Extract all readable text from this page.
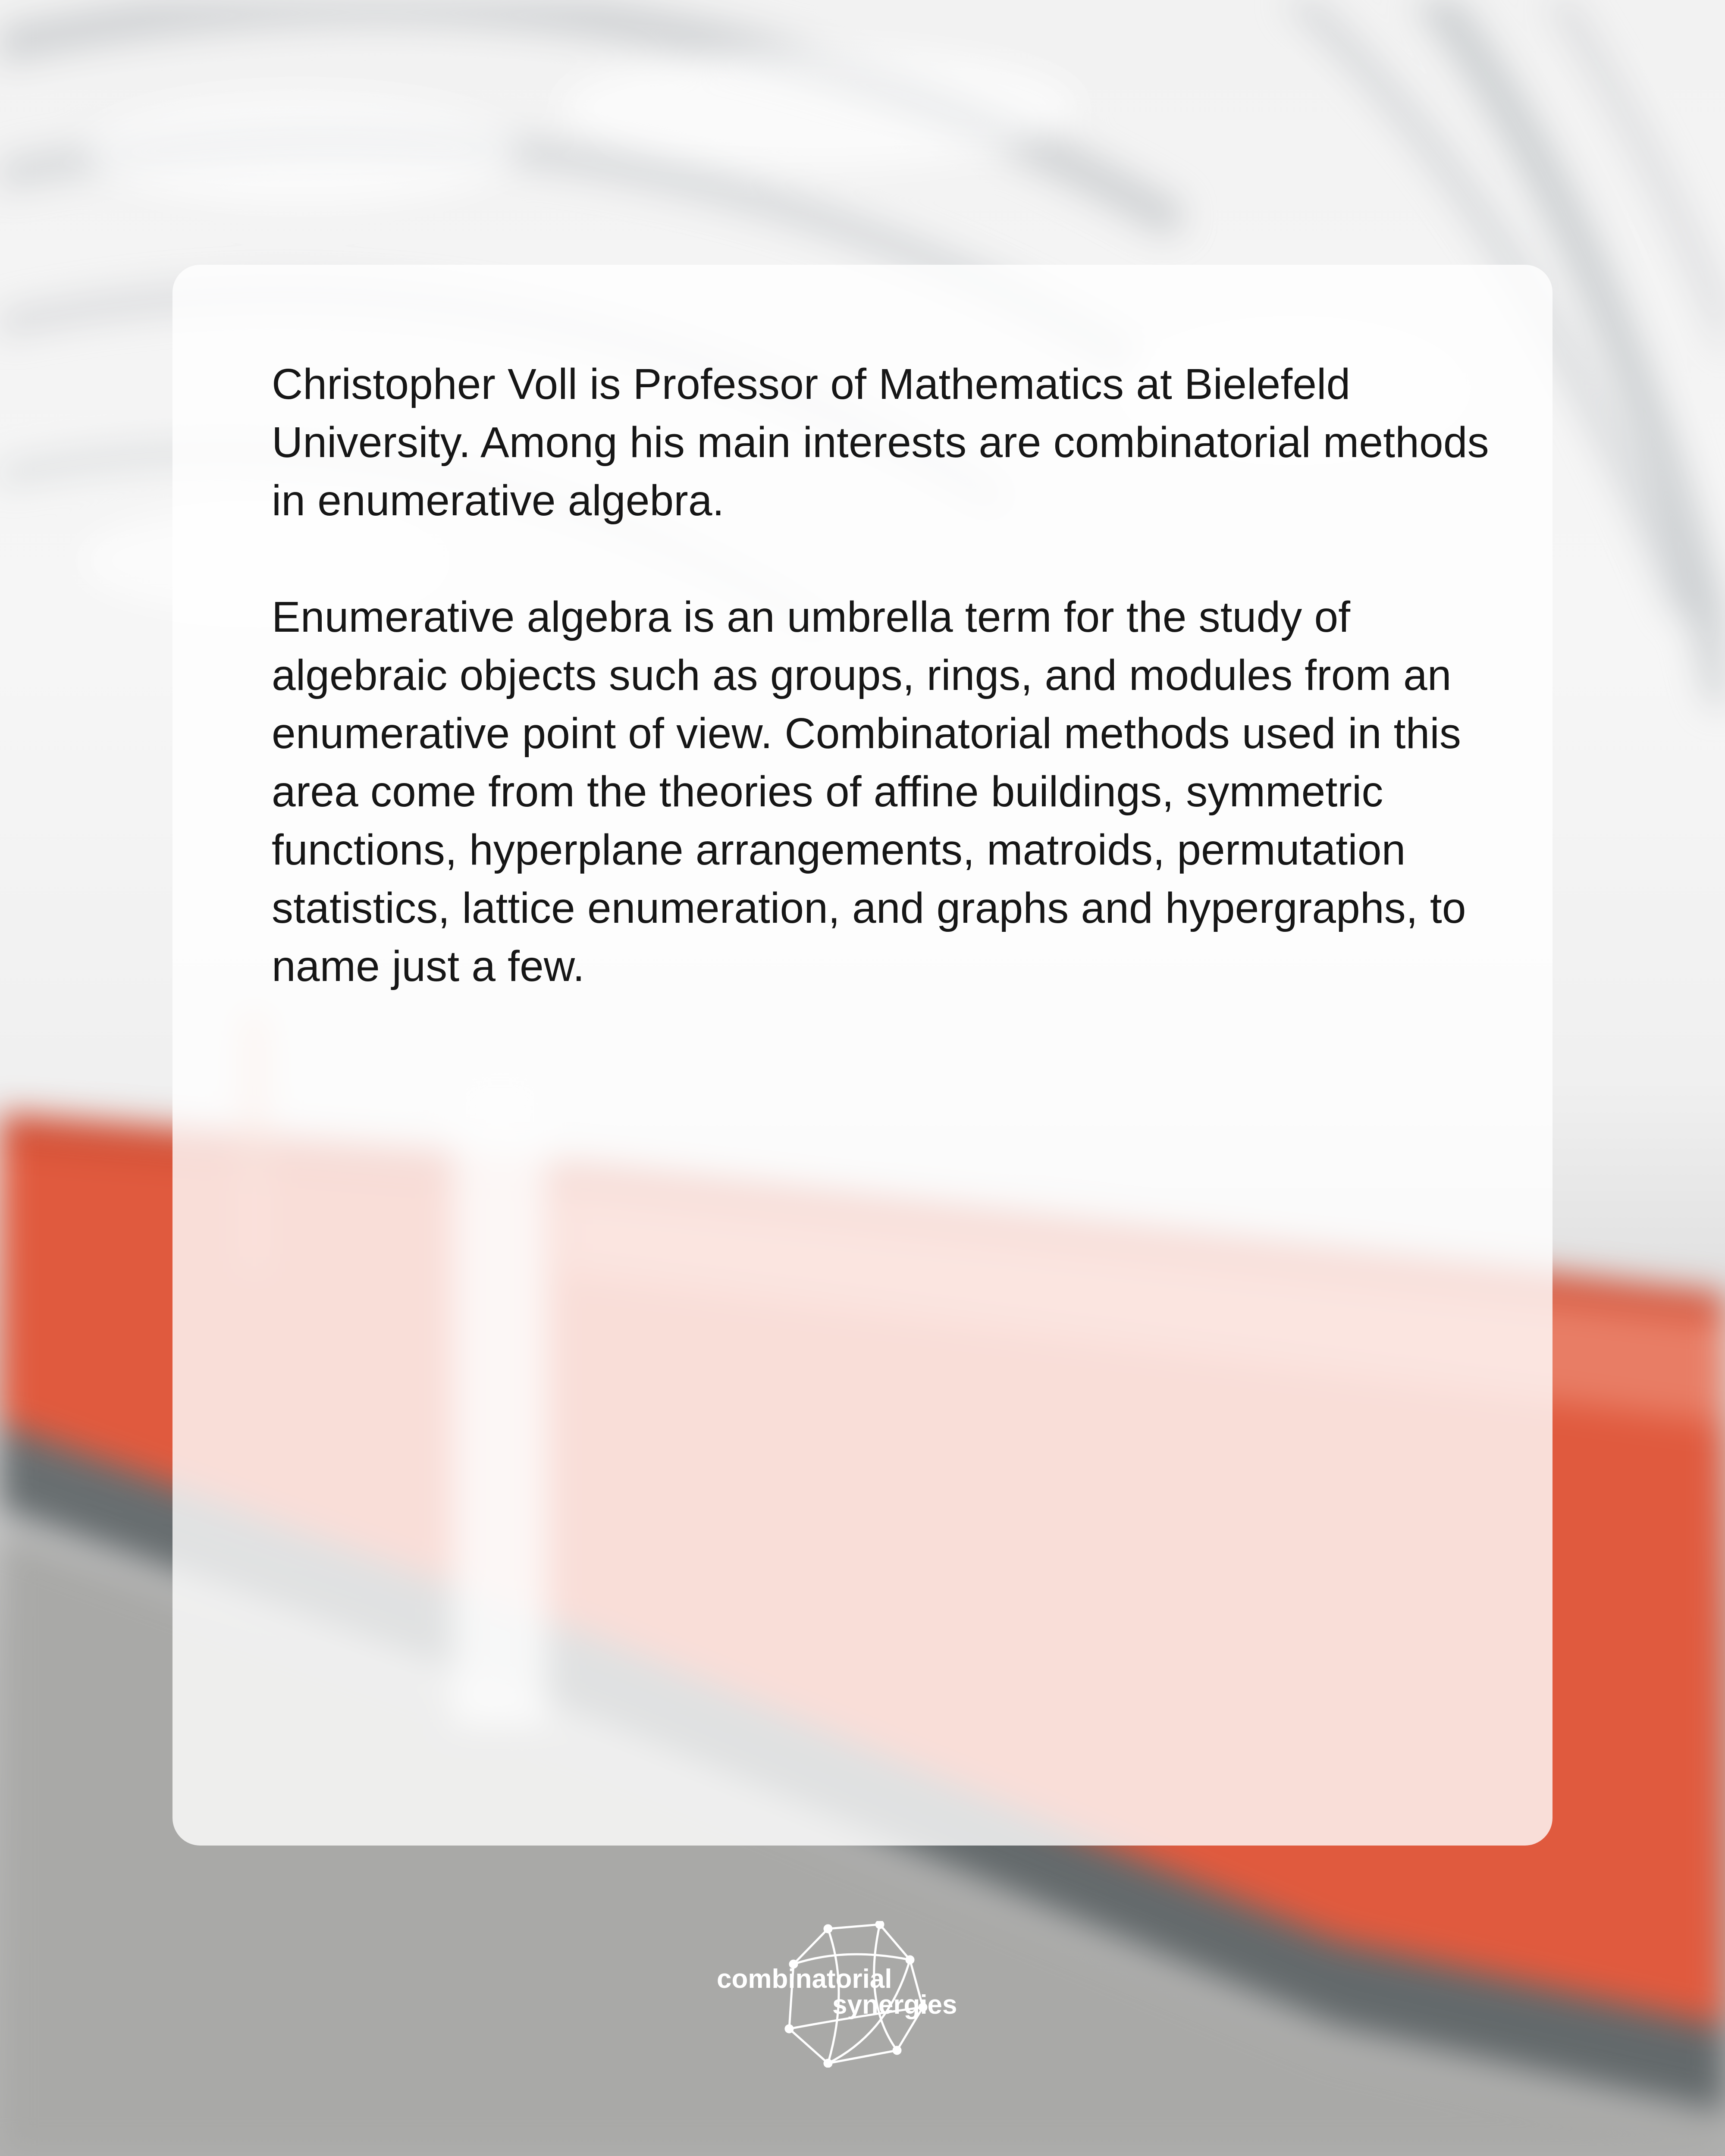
Christopher Voll is Professor of Mathematics at Bielefeld University. Among his main interests are combinatorial methods in enumerative algebra.

Enumerative algebra is an umbrella term for the study of algebraic objects such as groups, rings, and modules from an enumerative point of view. Combinatorial methods used in this area come from the theories of affine buildings, symmetric functions, hyperplane arrangements, matroids, permutation statistics, lattice enumeration, and graphs and hypergraphs, to name just a few.

combinatorial
synergies
